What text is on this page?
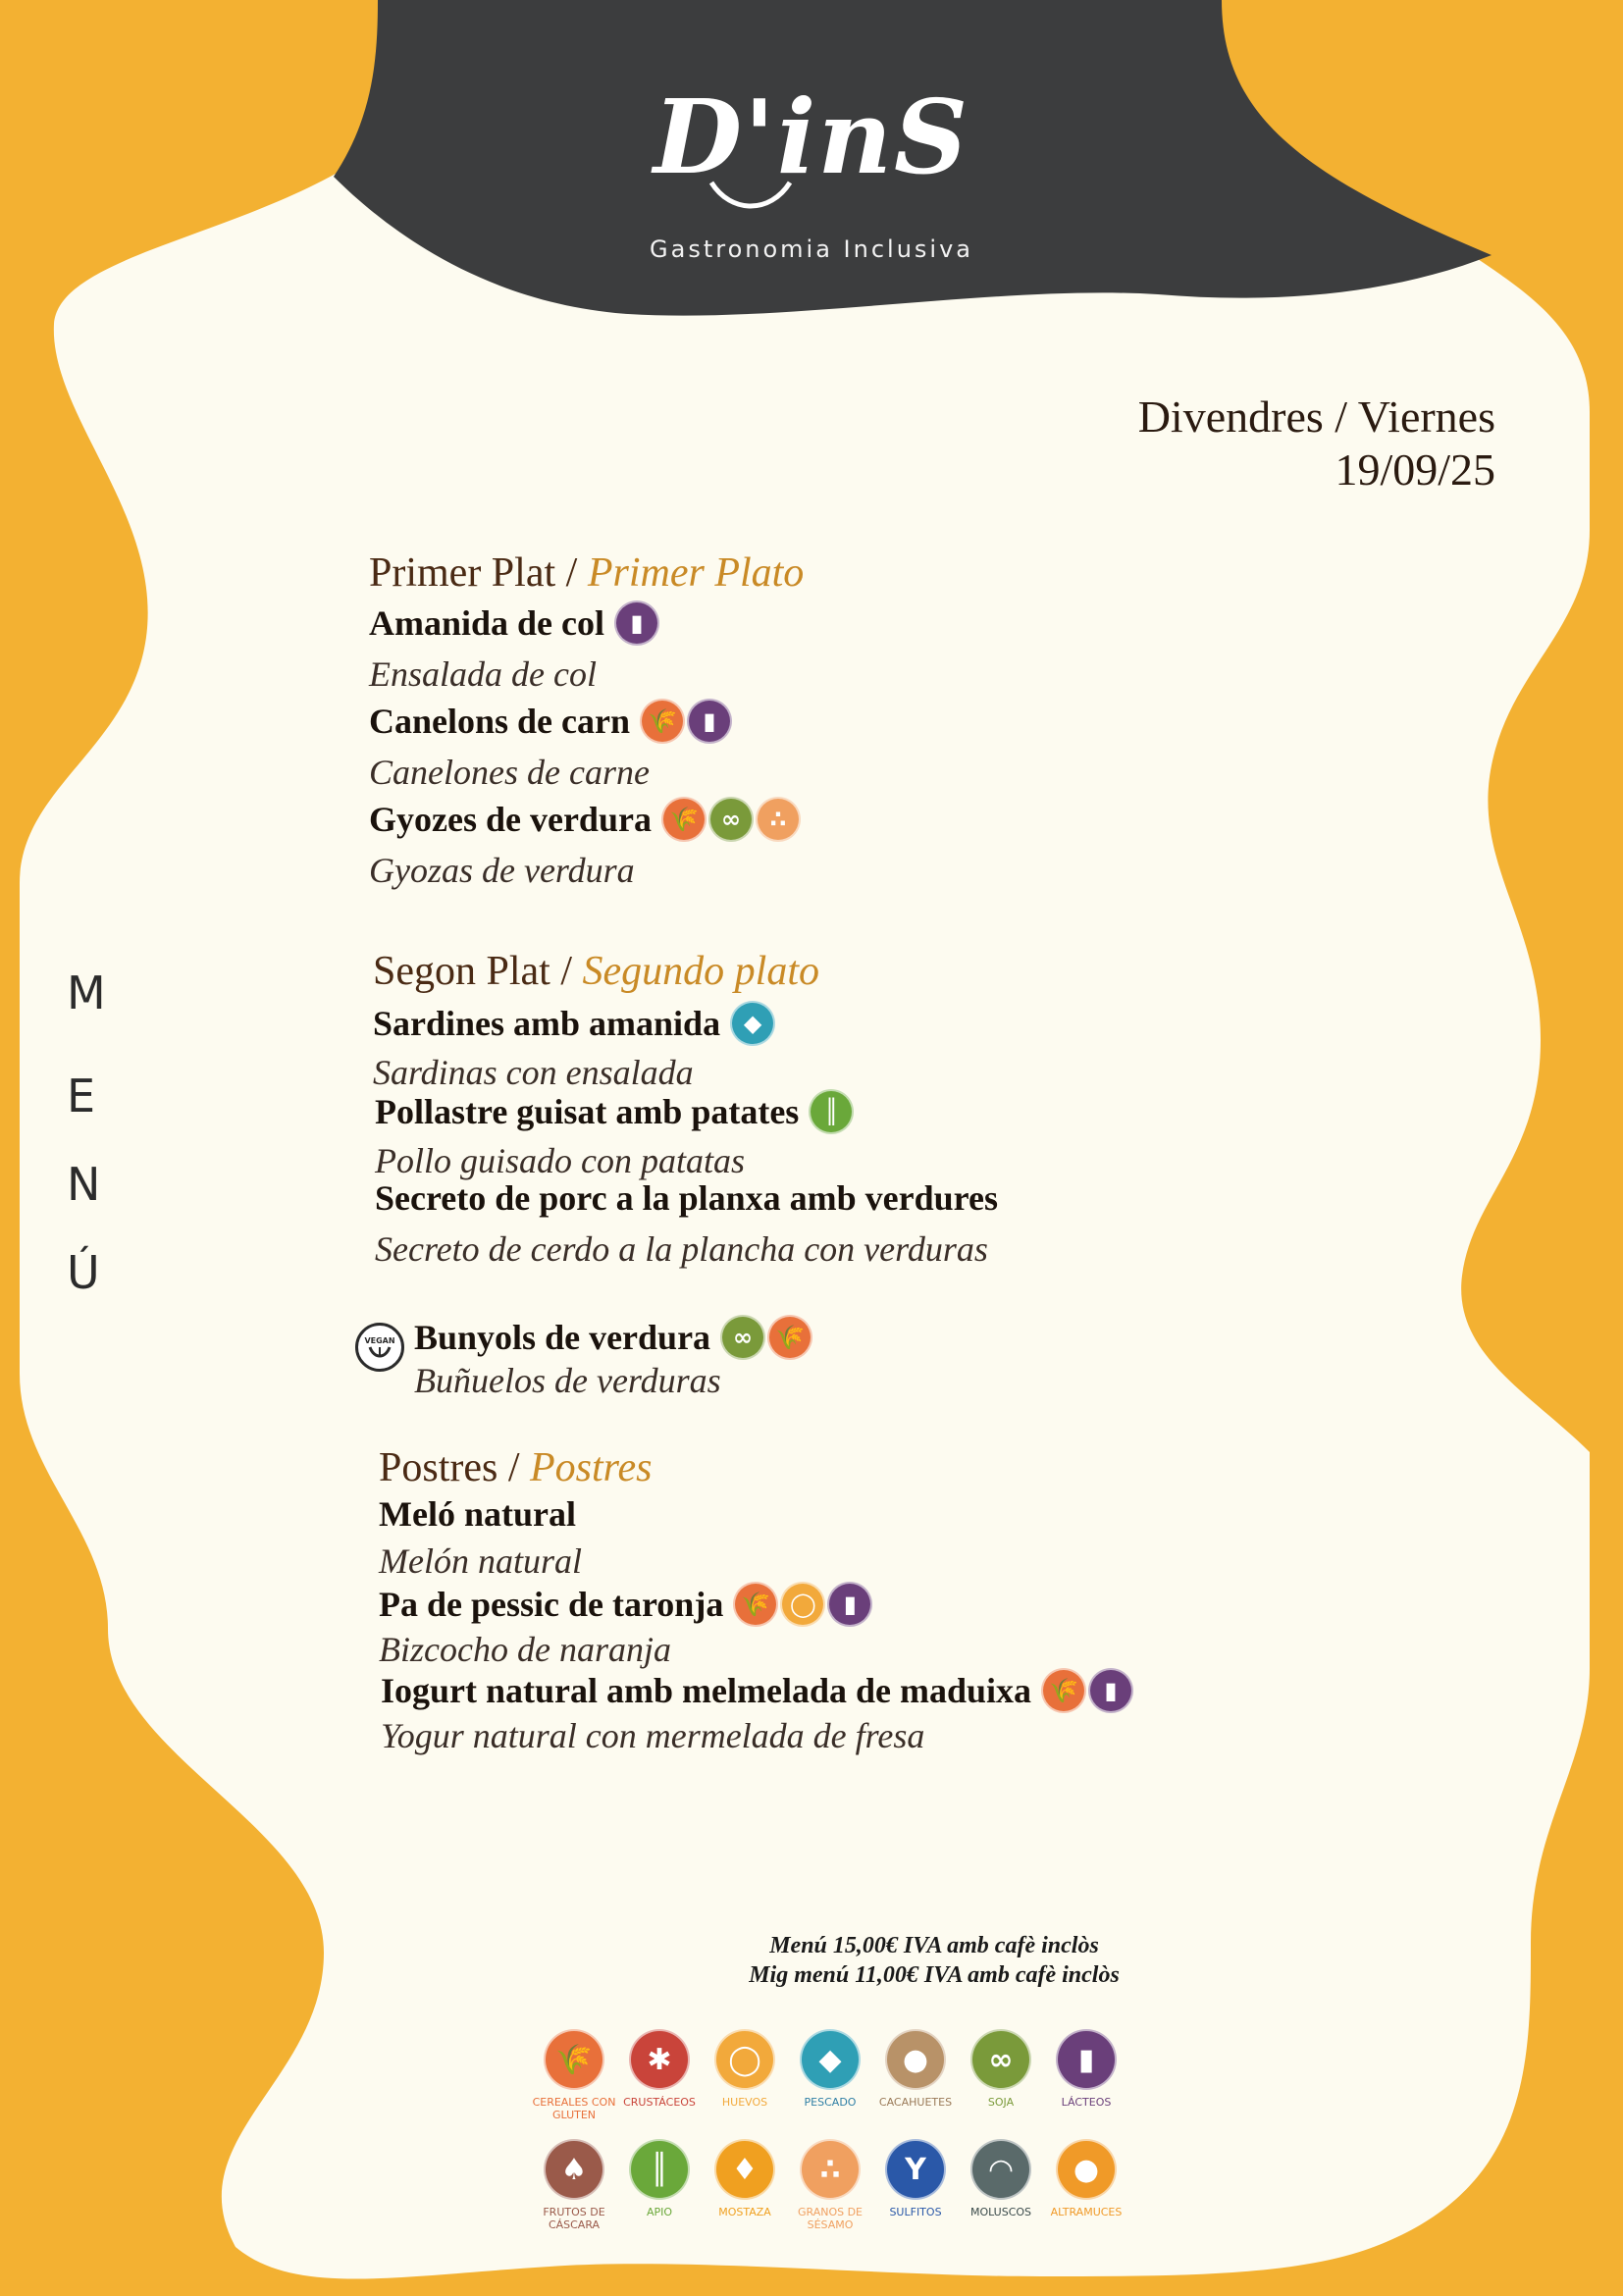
D'inS
Gastronomia Inclusiva
Divendres / Viernes
19/09/25
M
E
N
Ú
Primer Plat / Primer Plato
Amanida de col	▮
Ensalada de col
Canelons de carn 🌾	▮
Canelones de carne
Gyozes de verdura 🌾 ∞	∴
Gyozas de verdura
Segon Plat / Segundo plato
Sardines amb amanida ◆
Sardinas con ensalada
Pollastre guisat amb patates	║
Pollo guisado con patatas
Secreto de porc a la planxa amb verdures
Secreto de cerdo a la plancha con verduras
VEGAN Bunyols de verdura ∞ 🌾
Buñuelos de verduras
Postres / Postres
Meló natural
Melón natural
Pa de pessic de taronja 🌾 ◯	▮
Bizcocho de naranja
Iogurt natural amb melmelada de maduixa 🌾	▮
Yogur natural con mermelada de fresa
Menú 15,00€ IVA amb cafè inclòs
Mig menú 11,00€ IVA amb cafè inclòs
🌾
CEREALES CON GLUTEN
✱
CRUSTÁCEOS
◯
HUEVOS
◆
PESCADO
●
CACAHUETES
∞
SOJA
▮
LÁCTEOS
♠
FRUTOS DE CÁSCARA
║
APIO
♦
MOSTAZA
∴
GRANOS DE SÉSAMO
Y
SULFITOS
◠
MOLUSCOS
●
ALTRAMUCES
